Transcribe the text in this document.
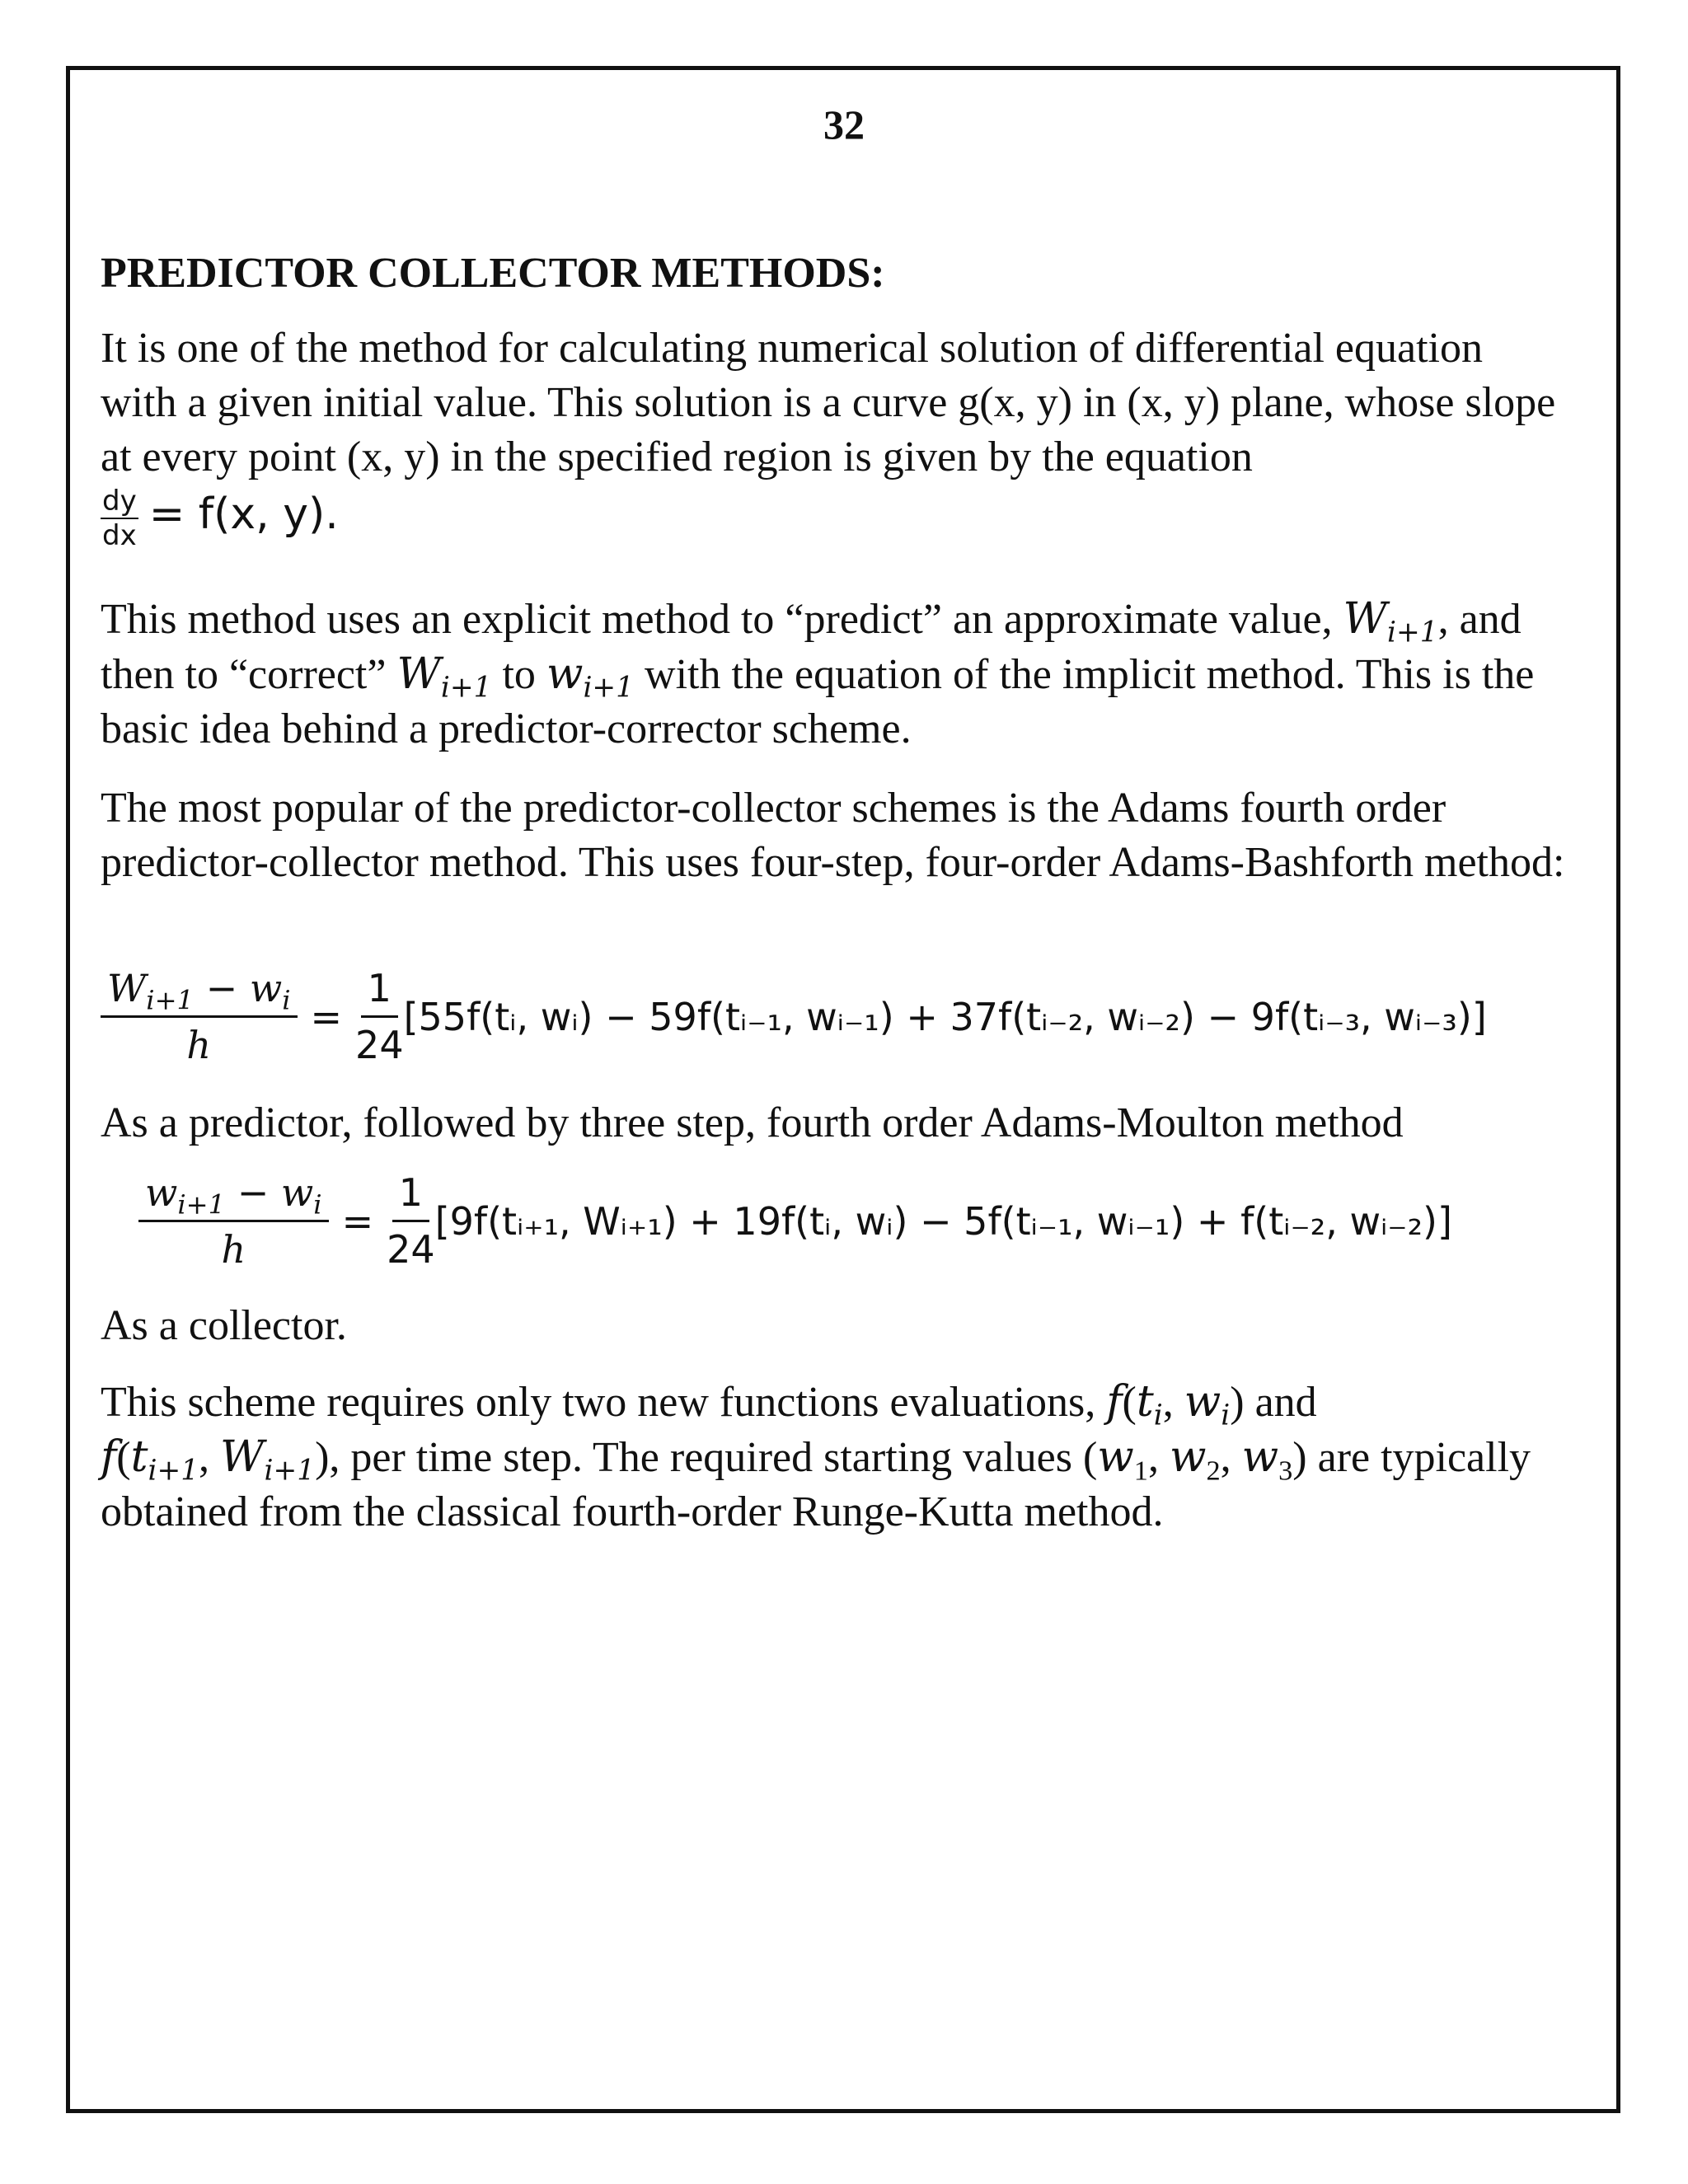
32
PREDICTOR COLLECTOR METHODS:

It is one of the method for calculating numerical solution of differential equation with a given initial value. This solution is a curve g(x, y) in (x, y) plane, whose slope at every point (x, y) in the specified region is given by the equation

$\frac{dy}{dx} = f(x$, y).

This method uses an explicit method to “predict” an approximate value, $W_{i+1}$, and then to “correct” $W_{i+1}$ to $w_{i+1}$ with the equation of the implicit method. This is the basic idea behind a predictor-corrector scheme.

The most popular of the predictor-collector schemes is the Adams fourth order predictor-collector method. This uses four-step, four-order Adams-Bashforth method:

$\frac{W_{i+1} - w_i}{h} = \frac{1}{24}$ [55f(tᵢ, wᵢ) − 59f(tᵢ₋₁, wᵢ₋₁) + 37f(tᵢ₋₂, wᵢ₋₂) − 9f(tᵢ₋₃, wᵢ₋₃)]

As a predictor, followed by three step, fourth order Adams-Moulton method

$\frac{w_{i+1} - w_i}{h} = \frac{1}{24}$ [9f(tᵢ₊₁, Wᵢ₊₁) + 19f(tᵢ, wᵢ) − 5f(tᵢ₋₁, wᵢ₋₁) + f(tᵢ₋₂, wᵢ₋₂)]

As a collector.

This scheme requires only two new functions evaluations, $f(t_i$, $w_i$) and
$f(t_{i+1}$, $W_{i+1}$), per time step. The required starting values ($w_1$, $w_2$, $w_3$) are typically obtained from the classical fourth-order Runge-Kutta method.
